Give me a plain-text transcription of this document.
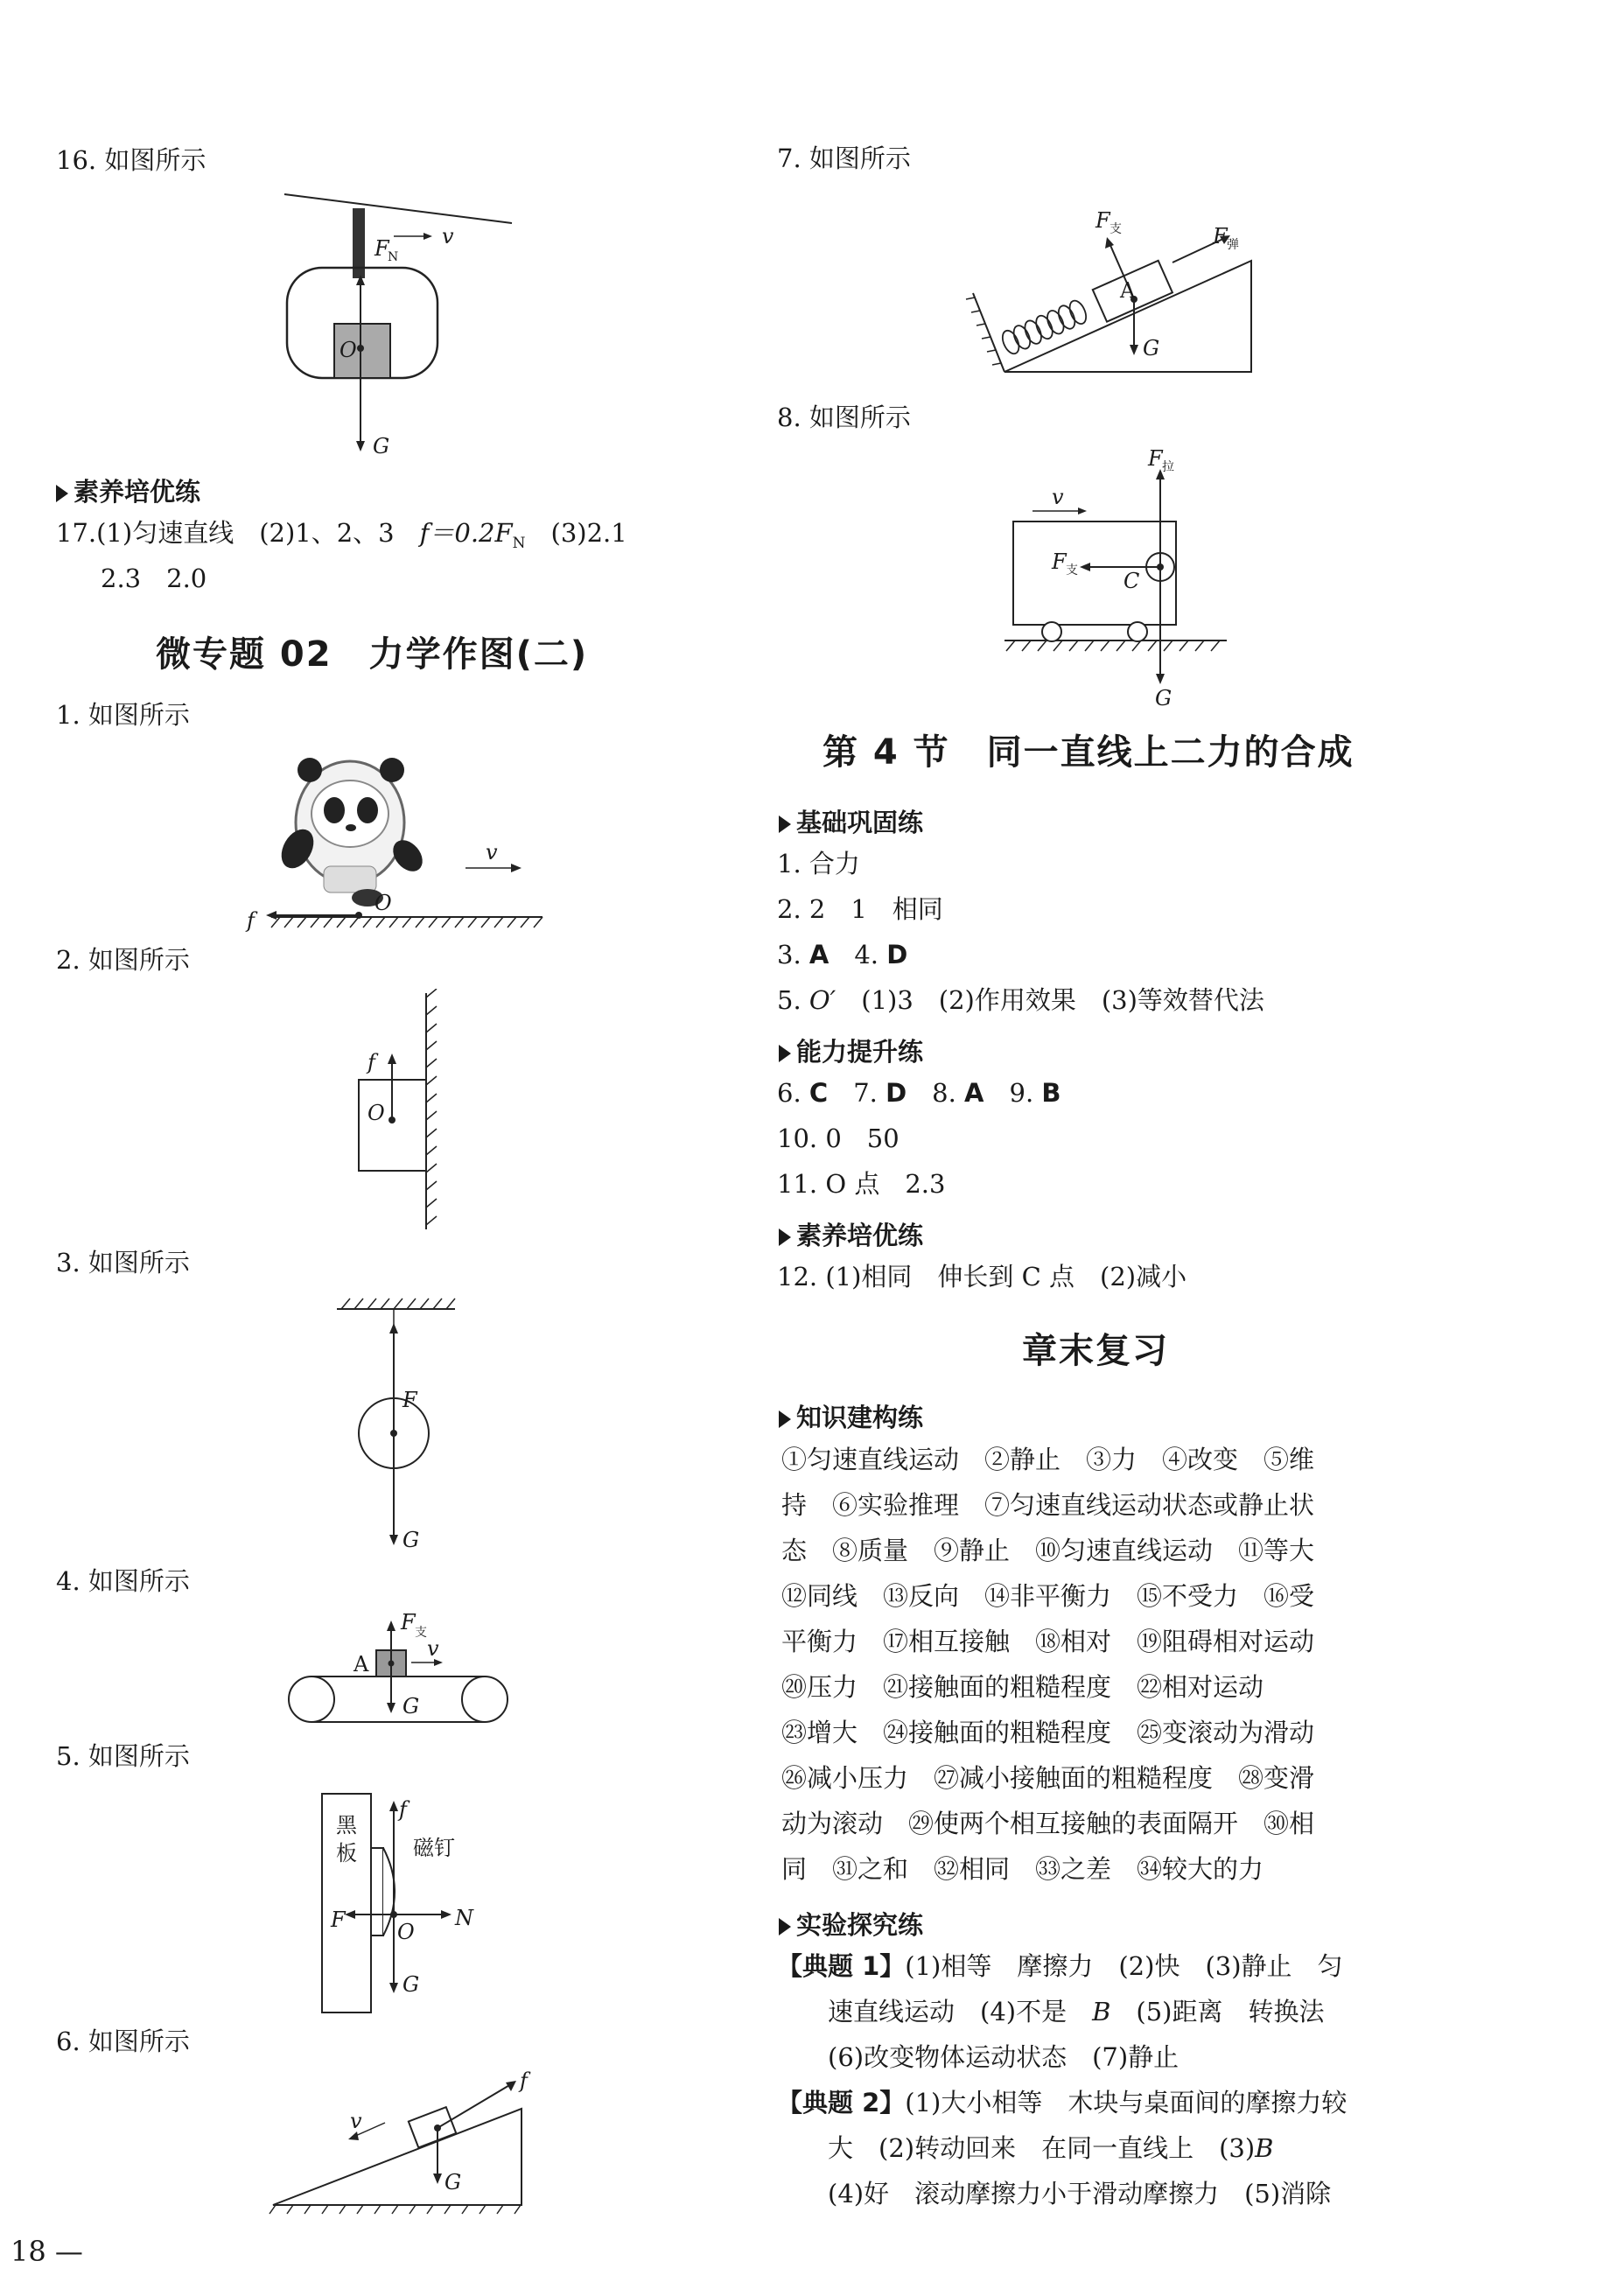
16. 如图所示
F
N
v
O
G
素养培优练
17.(1)匀速直线　(2)1、2、3　$f=0.2F_N$　(3)2.1
2.3　2.0
微专题 02　力学作图(二)
1. 如图所示
v
f
O
2. 如图所示
f
O
3. 如图所示
F
G
4. 如图所示
A
F 支
v
G
5. 如图所示
黑
板	磁钉
f
F O
N
G
6. 如图所示
f
G
v
18 —
7. 如图所示
F 支	F 弹
A
G
8. 如图所示
F 拉
v
F 支 C
G
第 4 节　同一直线上二力的合成
基础巩固练
1. 合力
2. 2　1　相同
3. A　4. D
5. O′　(1)3　(2)作用效果　(3)等效替代法
能力提升练
6. C　7. D　8. A　9. B
10. 0　50
11. O 点　2.3
素养培优练
12. (1)相同　伸长到 C 点　(2)减小
章末复习
知识建构练
①匀速直线运动　②静止　③力　④改变　⑤维
持　⑥实验推理　⑦匀速直线运动状态或静止状
态　⑧质量　⑨静止　⑩匀速直线运动　⑪等大
⑫同线　⑬反向　⑭非平衡力　⑮不受力　⑯受
平衡力　⑰相互接触　⑱相对　⑲阻碍相对运动
⑳压力　㉑接触面的粗糙程度　㉒相对运动
㉓增大　㉔接触面的粗糙程度　㉕变滚动为滑动
㉖减小压力　㉗减小接触面的粗糙程度　㉘变滑
动为滚动　㉙使两个相互接触的表面隔开　㉚相
同　㉛之和　㉜相同　㉝之差　㉞较大的力
实验探究练
【典题 1】(1)相等　摩擦力　(2)快　(3)静止　匀
速直线运动　(4)不是　B　(5)距离　转换法
(6)改变物体运动状态　(7)静止
【典题 2】(1)大小相等　木块与桌面间的摩擦力较
大　(2)转动回来　在同一直线上　(3)B
(4)好　滚动摩擦力小于滑动摩擦力　(5)消除
